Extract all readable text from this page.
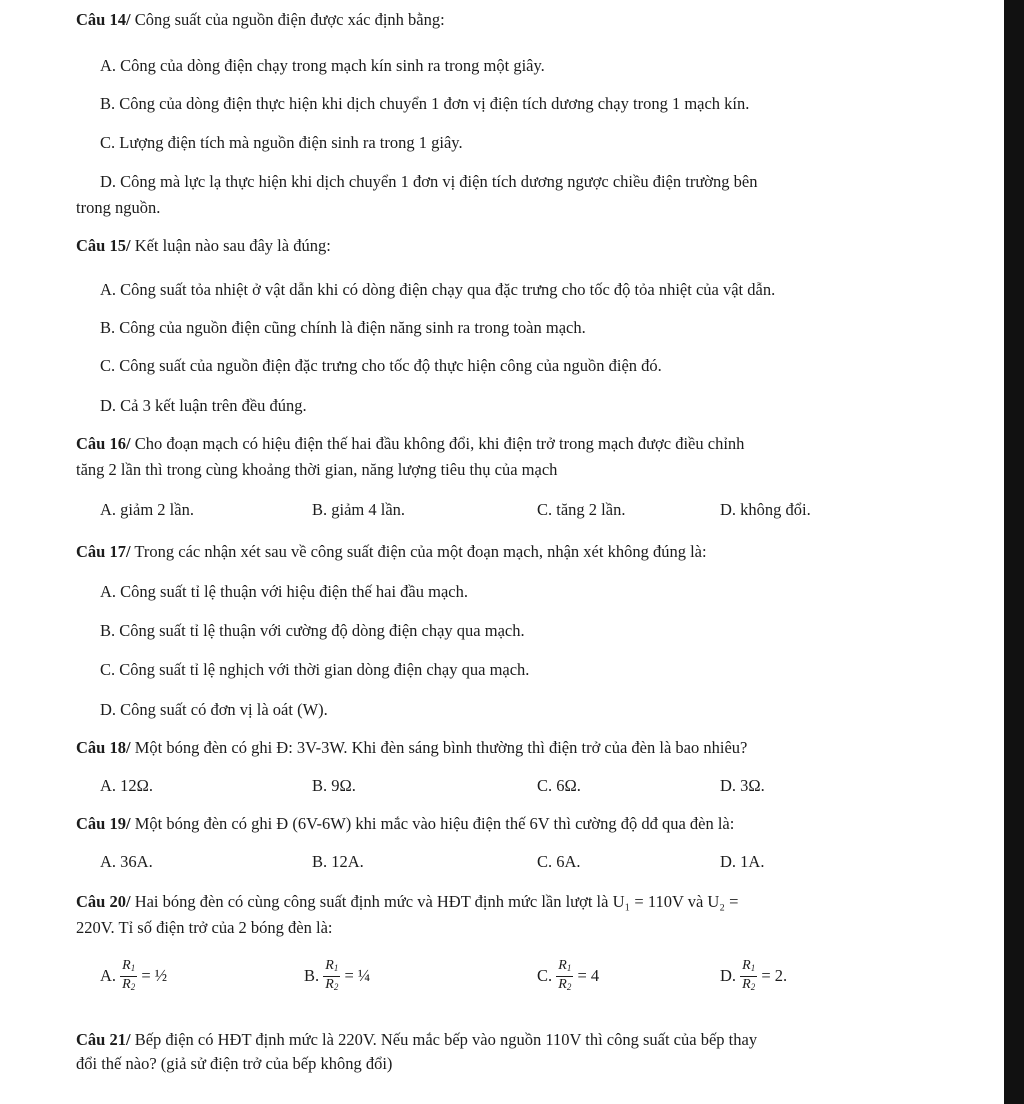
Câu 14/ Công suất của nguồn điện được xác định bằng:
A. Công của dòng điện chạy trong mạch kín sinh ra trong một giây.
B. Công của dòng điện thực hiện khi dịch chuyển 1 đơn vị điện tích dương chạy trong 1 mạch kín.
C. Lượng điện tích mà nguồn điện sinh ra trong 1 giây.
D. Công mà lực lạ thực hiện khi dịch chuyển 1 đơn vị điện tích dương ngược chiều điện trường bên
trong nguồn.
Câu 15/ Kết luận nào sau đây là đúng:
A. Công suất tỏa nhiệt ở vật dẫn khi có dòng điện chạy qua đặc trưng cho tốc độ tỏa nhiệt của vật dẫn.
B. Công của nguồn điện cũng chính là điện năng sinh ra trong toàn mạch.
C. Công suất của nguồn điện đặc trưng cho tốc độ thực hiện công của nguồn điện đó.
D. Cả 3 kết luận trên đều đúng.
Câu 16/ Cho đoạn mạch có hiệu điện thế hai đầu không đổi, khi điện trở trong mạch được điều chỉnh
tăng 2 lần thì trong cùng khoảng thời gian, năng lượng tiêu thụ của mạch
A. giảm 2 lần.	B. giảm 4 lần.	C. tăng 2 lần.	D. không đổi.
Câu 17/ Trong các nhận xét sau về công suất điện của một đoạn mạch, nhận xét không đúng là:
A. Công suất tỉ lệ thuận với hiệu điện thế hai đầu mạch.
B. Công suất tỉ lệ thuận với cường độ dòng điện chạy qua mạch.
C. Công suất tỉ lệ nghịch với thời gian dòng điện chạy qua mạch.
D. Công suất có đơn vị là oát (W).
Câu 18/ Một bóng đèn có ghi Đ: 3V-3W. Khi đèn sáng bình thường thì điện trở của đèn là bao nhiêu?
A. 12Ω.	B. 9Ω.	C. 6Ω.	D. 3Ω.
Câu 19/ Một bóng đèn có ghi Đ (6V-6W) khi mắc vào hiệu điện thế 6V thì cường độ dđ qua đèn là:
A. 36A.	B. 12A.	C. 6A.	D. 1A.
Câu 20/ Hai bóng đèn có cùng công suất định mức và HĐT định mức lần lượt là U₁ = 110V và U₂ =
220V. Tỉ số điện trở của 2 bóng đèn là:
A. $\frac{R_1}{R_2}$ = ½	B. $\frac{R_1}{R_2}$ = ¼	C. $\frac{R_1}{R_2} = 4$	D. $\frac{R_1}{R_2} = 2$.
Câu 21/ Bếp điện có HĐT định mức là 220V. Nếu mắc bếp vào nguồn 110V thì công suất của bếp thay
đổi thế nào? (giả sử điện trở của bếp không đổi)
